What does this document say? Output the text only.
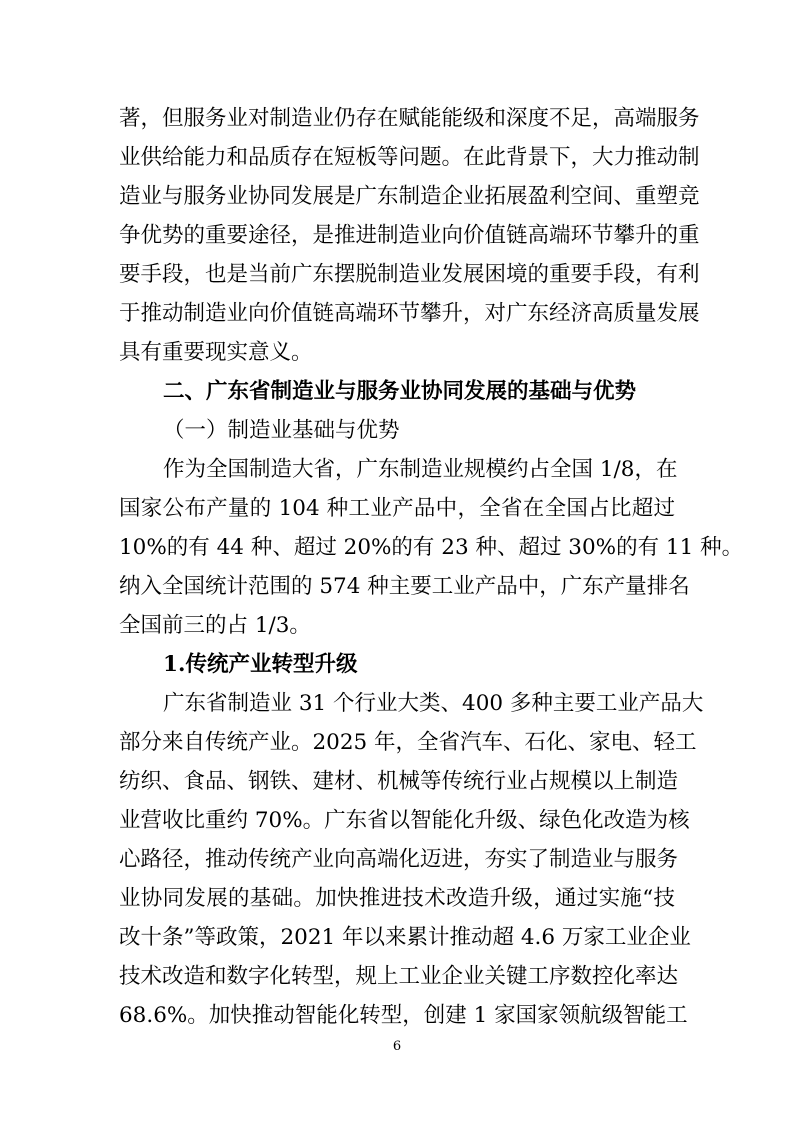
著，但服务业对制造业仍存在赋能能级和深度不足，高端服务
业供给能力和品质存在短板等问题。在此背景下，大力推动制
造业与服务业协同发展是广东制造企业拓展盈利空间、重塑竞
争优势的重要途径，是推进制造业向价值链高端环节攀升的重
要手段，也是当前广东摆脱制造业发展困境的重要手段，有利
于推动制造业向价值链高端环节攀升，对广东经济高质量发展
具有重要现实意义。
二、广东省制造业与服务业协同发展的基础与优势
（一）制造业基础与优势
作为全国制造大省，广东制造业规模约占全国 1/8，在
国家公布产量的 104 种工业产品中，全省在全国占比超过
10%的有 44 种、超过 20%的有 23 种、超过 30%的有 11 种。
纳入全国统计范围的 574 种主要工业产品中，广东产量排名
全国前三的占 1/3。
1.传统产业转型升级
广东省制造业 31 个行业大类、400 多种主要工业产品大
部分来自传统产业。2025 年，全省汽车、石化、家电、轻工
纺织、食品、钢铁、建材、机械等传统行业占规模以上制造
业营收比重约 70%。广东省以智能化升级、绿色化改造为核
心路径，推动传统产业向高端化迈进，夯实了制造业与服务
业协同发展的基础。加快推进技术改造升级，通过实施“技
改十条”等政策，2021 年以来累计推动超 4.6 万家工业企业
技术改造和数字化转型，规上工业企业关键工序数控化率达
68.6%。加快推动智能化转型，创建 1 家国家领航级智能工
6
